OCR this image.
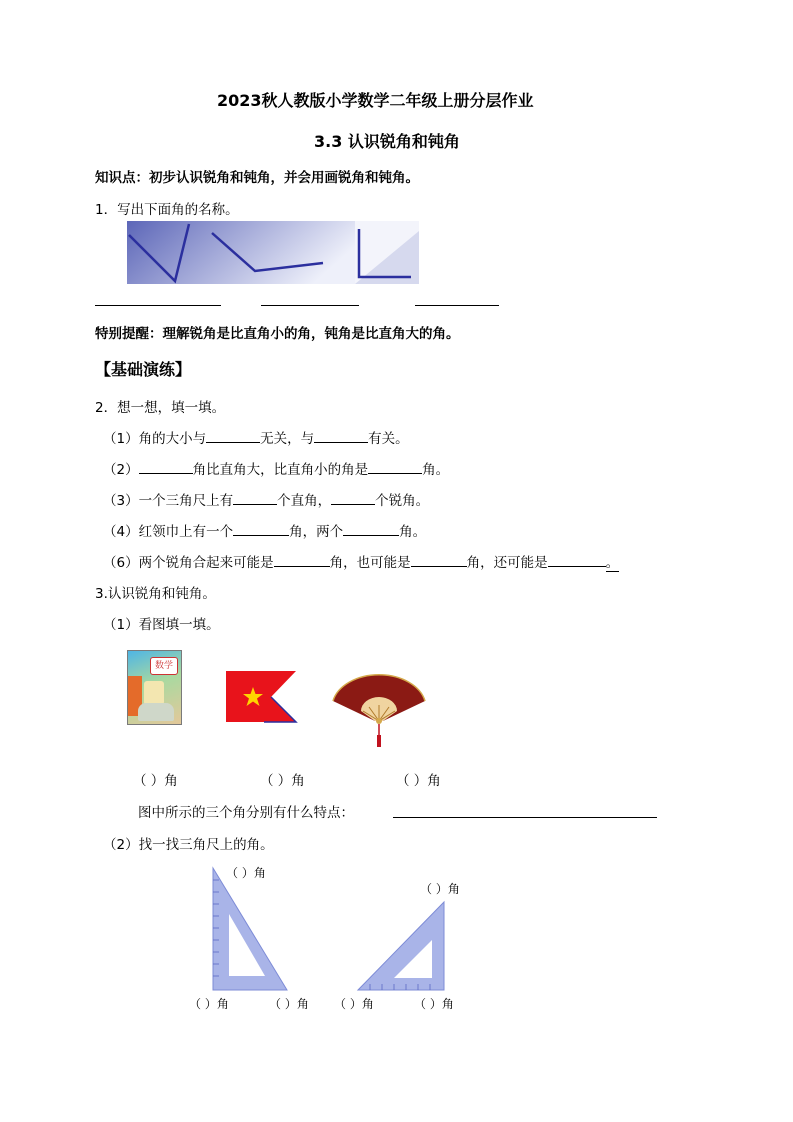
2023秋人教版小学数学二年级上册分层作业
3.3 认识锐角和钝角
知识点：初步认识锐角和钝角，并会用画锐角和钝角。
1．写出下面角的名称。
特别提醒：理解锐角是比直角小的角，钝角是比直角大的角。
【基础演练】
2．想一想，填一填。
（1）角的大小与	无关，与	有关。
（2）	角比直角大，比直角小的角是	角。
（3）一个三角尺上有	个直角，	个锐角。
（4）红领巾上有一个	角，两个	角。
（6）两个锐角合起来可能是	角，也可能是	角，还可能是	。
3.认识锐角和钝角。
（1）看图填一填。
数学
（ ）角	（ ）角	（ ）角
图中所示的三个角分别有什么特点：
（2）找一找三角尺上的角。
（ ）角
（ ）角
（ ）角	（ ）角 （ ）角	（ ）角
